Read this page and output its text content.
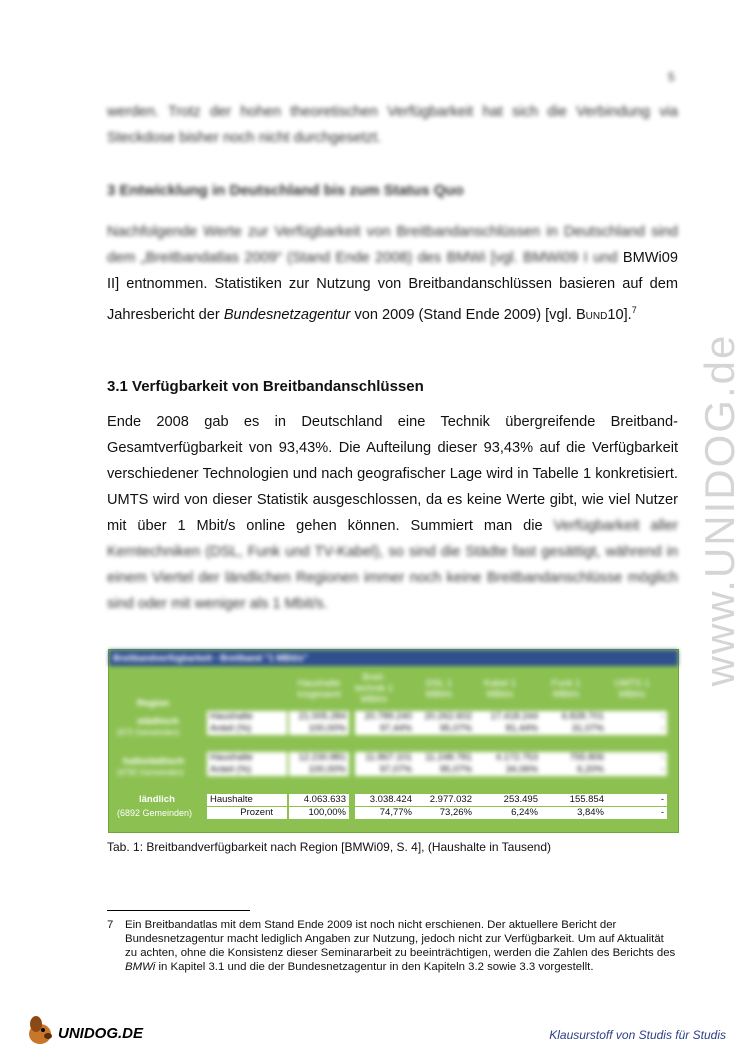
5
www.UNIDOG.de
werden. Trotz der hohen theoretischen Verfügbarkeit hat sich die Verbindung via Steckdose bisher noch nicht durchgesetzt.
3 Entwicklung in Deutschland bis zum Status Quo
Nachfolgende Werte zur Verfügbarkeit von Breitbandanschlüssen in Deutschland sind dem „Breitbandatlas 2009“ (Stand Ende 2008) des BMWi [vgl. BMWi09 I und BMWi09 II] entnommen. Statistiken zur Nutzung von Breitbandanschlüssen basieren auf dem Jahresbericht der Bundesnetzagentur von 2009 (Stand Ende 2009) [vgl. Bund10].$^7$
3.1 Verfügbarkeit von Breitbandanschlüssen
Ende 2008 gab es in Deutschland eine Technik übergreifende Breitband-Gesamtverfügbarkeit von 93,43%. Die Aufteilung dieser 93,43% auf die Verfügbarkeit verschiedener Technologien und nach geografischer Lage wird in Tabelle 1 konkretisiert. UMTS wird von dieser Statistik ausgeschlossen, da es keine Werte gibt, wie viel Nutzer mit über 1 Mbit/s online gehen können. Summiert man die Verfügbarkeit aller Kerntechniken (DSL, Funk und TV-Kabel), so sind die Städte fast gesättigt, während in einem Viertel der ländlichen Regionen immer noch keine Breitbandanschlüsse möglich sind oder mit weniger als 1 Mbit/s.
Breitbandverfügbarkeit - Breitband "1 MBit/s"
Region
Haushalte insgesamt
Breit-technik 1 MBit/s
DSL 1 MBit/s
Kabel 1 MBit/s
Funk 1 MBit/s
UMTS 1 MBit/s
städtisch
(672 Gemeinden)
Haushalte
Anteil (%)
21.005.284
100,00%
20.789.240
97,44%
20.262.602
95,07%
17.418.244
81,44%
6.828.701
31,07%
-
-
halbstädtisch
(4792 Gemeinden)
Haushalte
Anteil (%)
12.230.881
100,00%
11.867.101
97,07%
11.248.781
95,07%
4.172.753
34,06%
755.806
6,20%
-
-
ländlich
(6892 Gemeinden)
Haushalte
Prozent
4.063.633
100,00%
3.038.424
74,77%
2.977.032
73,26%
253.495
6,24%
155.854
3,84%
-
-
Tab. 1: Breitbandverfügbarkeit nach Region [BMWi09, S. 4], (Haushalte in Tausend)
7 Ein Breitbandatlas mit dem Stand Ende 2009 ist noch nicht erschienen. Der aktuellere Bericht der Bundesnetzagentur macht lediglich Angaben zur Nutzung, jedoch nicht zur Verfügbarkeit. Um auf Aktualität zu achten, ohne die Konsistenz dieser Seminararbeit zu beeinträchtigen, werden die Zahlen des Berichts des BMWi in Kapitel 3.1 und die der Bundesnetzagentur in den Kapiteln 3.2 sowie 3.3 vorgestellt.
UNIDOG.DE	Klausurstoff von Studis für Studis
